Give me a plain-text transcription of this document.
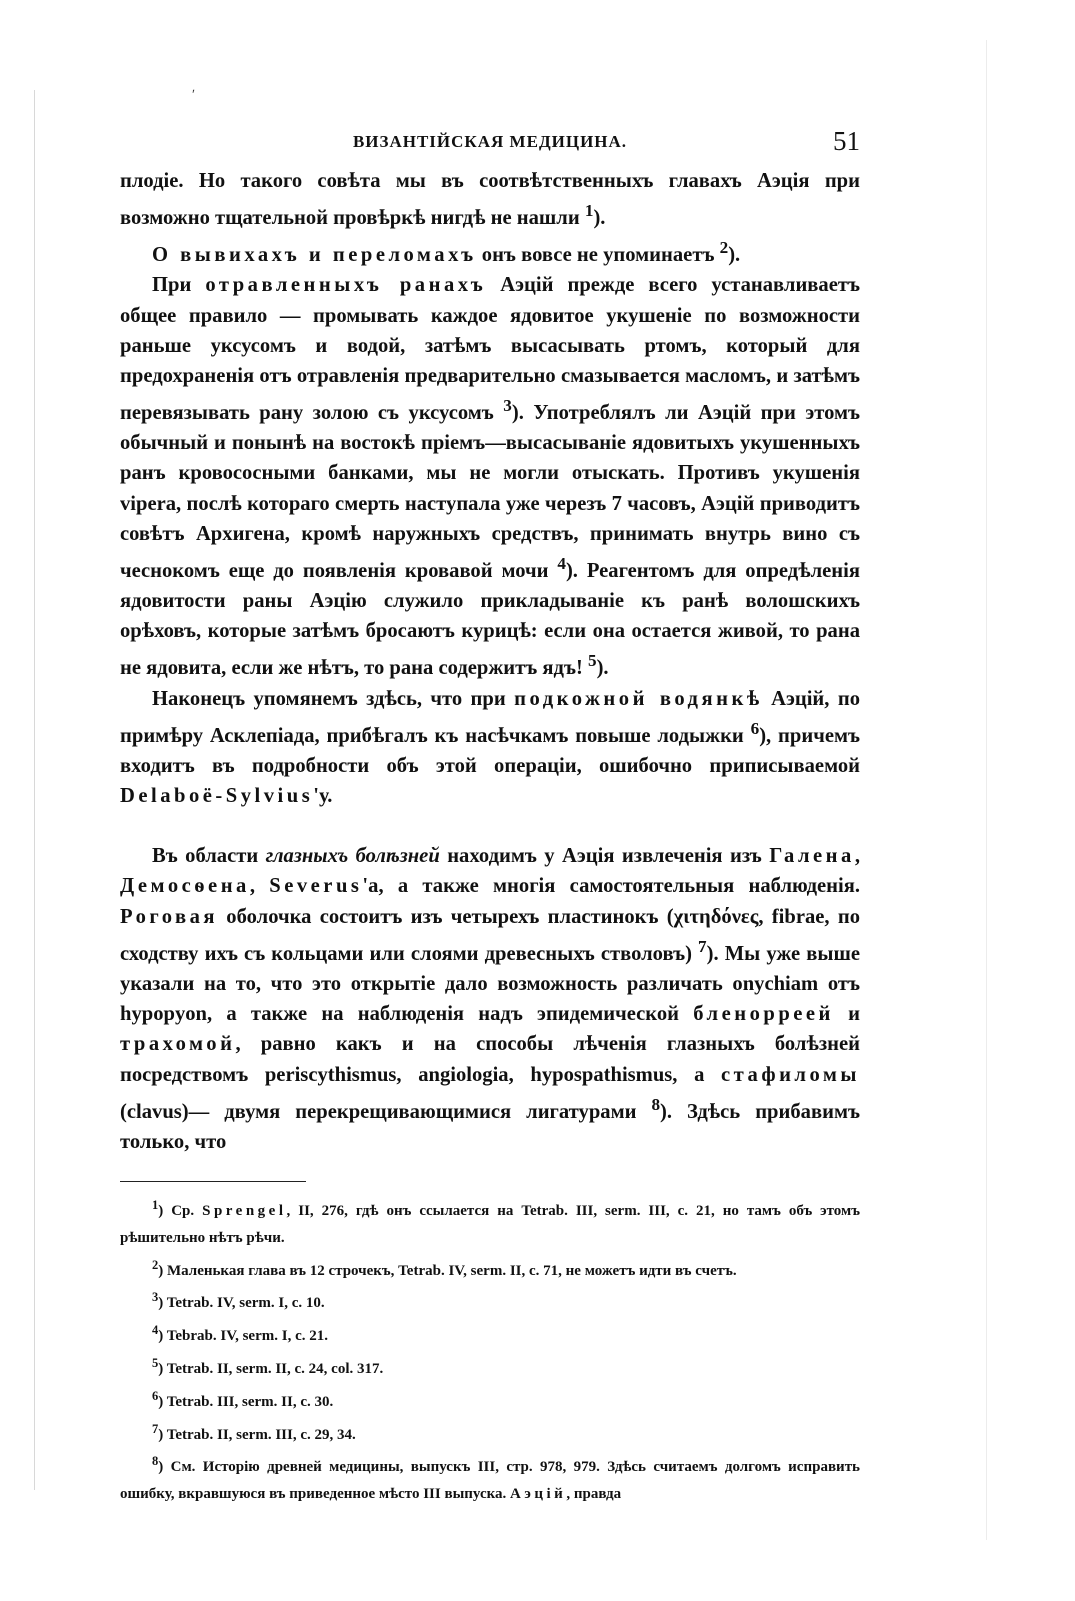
ʹ
ВИЗАНТІЙСКАЯ МЕДИЦИНА.	51

плодіе. Но такого совѣта мы въ соотвѣтственныхъ главахъ Аэція при возможно тщательной провѣркѣ нигдѣ не нашли $^1$).

О вывихахъ и переломахъ онъ вовсе не упоминаетъ $^2$).

При отравленныхъ ранахъ Аэцій прежде всего устанавливаетъ общее правило — промывать каждое ядовитое укушеніе по возможности раньше уксусомъ и водой, затѣмъ высасывать ртомъ, который для предохраненія отъ отравленія предварительно смазывается масломъ, и затѣмъ перевязывать рану золою съ уксусомъ $^3$). Употреблялъ ли Аэцій при этомъ обычный и понынѣ на востокѣ пріемъ—высасываніе ядовитыхъ укушенныхъ ранъ кровососными банками, мы не могли отыскать. Противъ укушенія vipera, послѣ котораго смерть наступала уже черезъ 7 часовъ, Аэцій приводитъ совѣтъ Архигена, кромѣ наружныхъ средствъ, принимать внутрь вино съ чеснокомъ еще до появленія кровавой мочи $^4$). Реагентомъ для опредѣленія ядовитости раны Аэцію служило прикладываніе къ ранѣ волошскихъ орѣховъ, которые затѣмъ бросаютъ курицѣ: если она остается живой, то рана не ядовита, если же нѣтъ, то рана содержитъ ядъ! $^5$).

Наконецъ упомянемъ здѣсь, что при подкожной водянкѣ Аэцій, по примѣру Асклепіада, прибѣгалъ къ насѣчкамъ повыше лодыжки $^6$), причемъ входитъ въ подробности объ этой операціи, ошибочно приписываемой Delaboë-Sylvius'у.

Въ области глазныхъ болѣзней находимъ у Аэція извлеченія изъ Галена, Демосѳена, Severus'а, а также многія самостоятельныя наблюденія. Роговая оболочка состоитъ изъ четырехъ пластинокъ (χιτηδόνες, fibrae, по сходству ихъ съ кольцами или слоями древесныхъ стволовъ) $^7$). Мы уже выше указали на то, что это открытіе дало возможность различать onychiam отъ hypopyon, а также на наблюденія надъ эпидемической бленорреей и трахомой, равно какъ и на способы лѣченія глазныхъ болѣзней посредствомъ periscythismus, angiologia, hypospathismus, а стафиломы (clavus)— двумя перекрещивающимися лигатурами $^8$). Здѣсь прибавимъ только, что

$^1$) Ср. Sprengel, II, 276, гдѣ онъ ссылается на Tetrab. III, serm. III, c. 21, но тамъ объ этомъ рѣшительно нѣтъ рѣчи.

$^2$) Маленькая глава въ 12 строчекъ, Tetrab. IV, serm. II, c. 71, не можетъ идти въ счетъ.

$^3$) Tetrab. IV, serm. I, c. 10.

$^4$) Tebrab. IV, serm. I, c. 21.

$^5$) Tetrab. II, serm. II, c. 24, col. 317.

$^6$) Tetrab. III, serm. II, c. 30.

$^7$) Tetrab. II, serm. III, c. 29, 34.

$^8$) См. Исторію древней медицины, выпускъ III, стр. 978, 979. Здѣсь считаемъ долгомъ исправить ошибку, вкравшуюся въ приведенное мѣсто III выпуска. Аэцій, правда
